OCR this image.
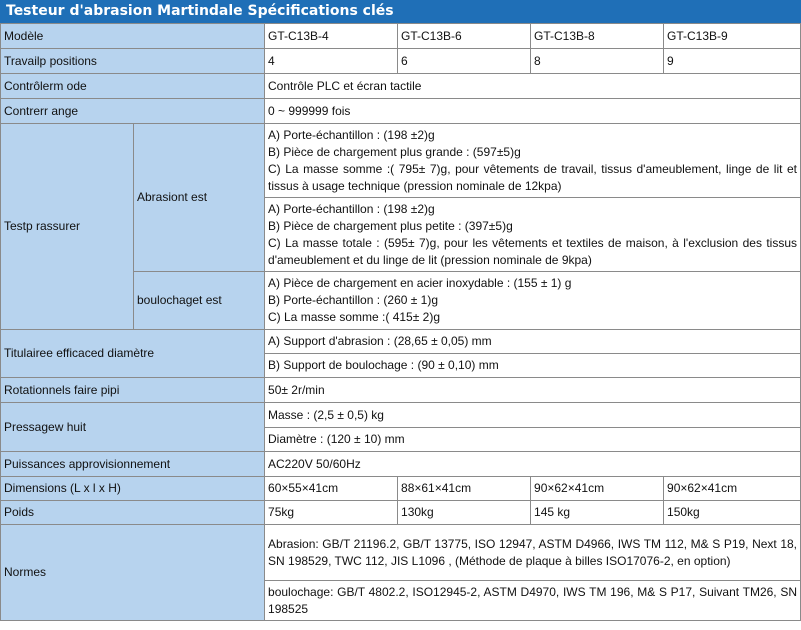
Testeur d'abrasion Martindale Spécifications clés
Modèle		GT-C13B-4	GT-C13B-6	GT-C13B-8	GT-C13B-9
Travailp positions		4	6	8	9
Contrôlerm ode		Contrôle PLC et écran tactile			
Contrerr ange		0 ~ 999999 fois			
Testp rassurer	Abrasiont est	A) Porte-échantillon : (198 ±2)g
B) Pièce de chargement plus grande : (597±5)g
C) La masse somme :( 795± 7)g, pour vêtements de travail, tissus d'ameublement, linge de lit et tissus à usage technique (pression nominale de 12kpa)			

		A) Porte-échantillon : (198 ±2)g
B) Pièce de chargement plus petite : (397±5)g
C) La masse totale : (595± 7)g, pour les vêtements et textiles de maison, à l'exclusion des tissus d'ameublement et du linge de lit (pression nominale de 9kpa)			

	boulochaget est	A) Pièce de chargement en acier inoxydable : (155 ± 1) g
B) Porte-échantillon : (260 ± 1)g
C) La masse somme :( 415± 2)g			

Titulairee efficaced diamètre		A) Support d'abrasion : (28,65 ± 0,05) mm			
		B) Support de boulochage : (90 ± 0,10) mm			
Rotationnels faire pipi		50± 2r/min			
Pressagew huit		Masse : (2,5 ± 0,5) kg			
		Diamètre : (120 ± 10) mm			
Puissances approvisionnement		AC220V 50/60Hz			
Dimensions (L x l x H)		60×55×41cm	88×61×41cm	90×62×41cm	90×62×41cm
Poids		75kg	130kg	145 kg	150kg
Normes		Abrasion: GB/T 21196.2, GB/T 13775, ISO 12947, ASTM D4966, IWS TM 112, M& S P19, Next 18, SN 198529, TWC 112, JIS L1096 , (Méthode de plaque à billes ISO17076-2, en option)			
		boulochage: GB/T 4802.2, ISO12945-2, ASTM D4970, IWS TM 196, M& S P17, Suivant TM26, SN 198525			
